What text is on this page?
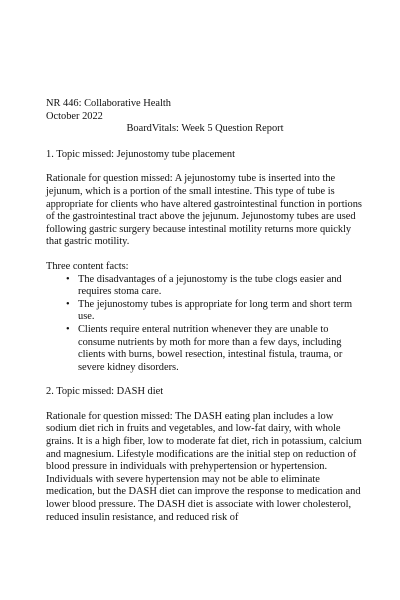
NR 446: Collaborative Health

October 2022

BoardVitals: Week 5 Question Report

1. Topic missed: Jejunostomy tube placement

Rationale for question missed: A jejunostomy tube is inserted into the jejunum, which is a portion of the small intestine. This type of tube is appropriate for clients who have altered gastrointestinal function in portions of the gastrointestinal tract above the jejunum. Jejunostomy tubes are used following gastric surgery because intestinal motility returns more quickly that gastric motility.

Three content facts:

• The disadvantages of a jejunostomy is the tube clogs easier and requires stoma care.
• The jejunostomy tubes is appropriate for long term and short term use.
• Clients require enteral nutrition whenever they are unable to consume nutrients by moth for more than a few days, including clients with burns, bowel resection, intestinal fistula, trauma, or severe kidney disorders.

2. Topic missed: DASH diet

Rationale for question missed: The DASH eating plan includes a low sodium diet rich in fruits and vegetables, and low-fat dairy, with whole grains. It is a high fiber, low to moderate fat diet, rich in potassium, calcium and magnesium. Lifestyle modifications are the initial step on reduction of blood pressure in individuals with prehypertension or hypertension. Individuals with severe hypertension may not be able to eliminate medication, but the DASH diet can improve the response to medication and lower blood pressure. The DASH diet is associate with lower cholesterol, reduced insulin resistance, and reduced risk of
